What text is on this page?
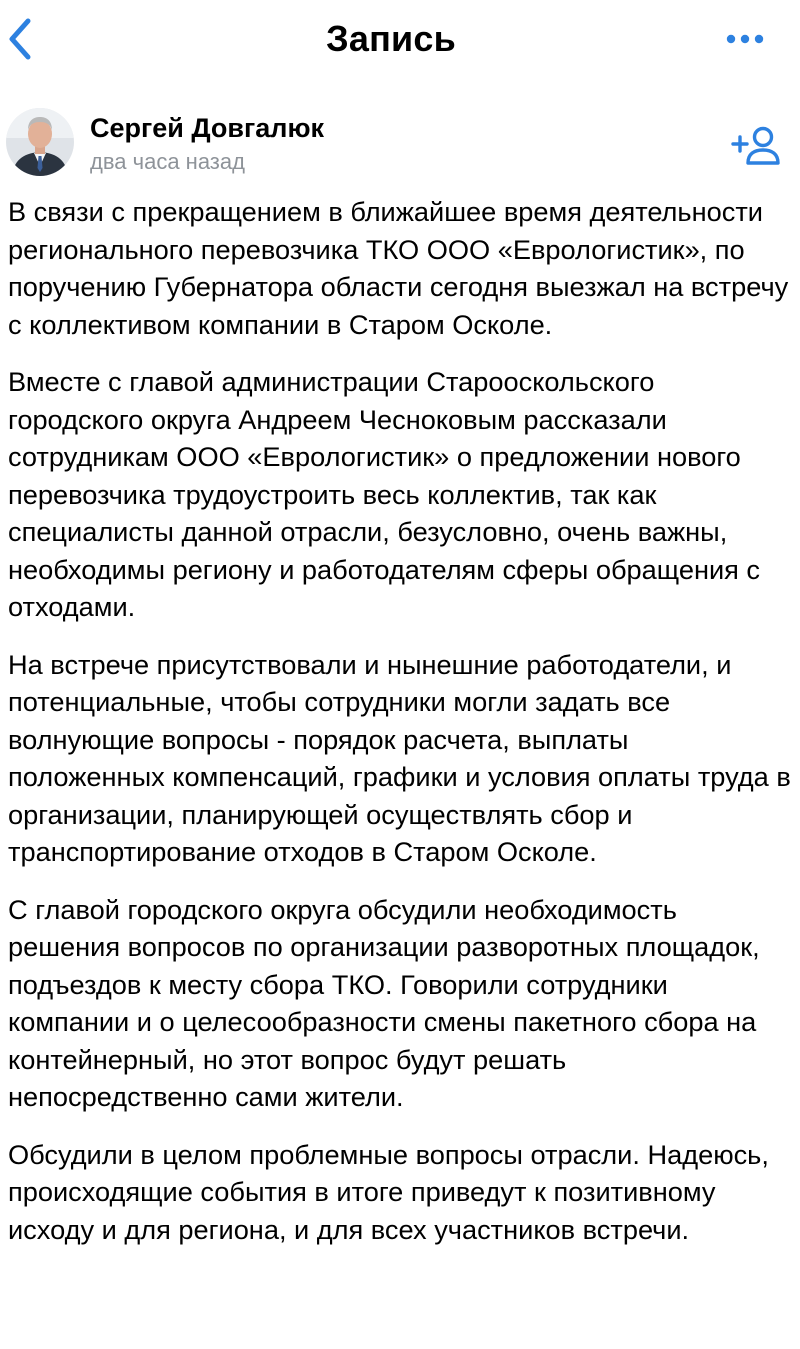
Запись
Сергей Довгалюк
два часа назад

В связи с прекращением в ближайшее время деятельности регионального перевозчика ТКО ООО «Еврологистик», по поручению Губернатора области сегодня выезжал на встречу с коллективом компании в Старом Осколе.

Вместе с главой администрации Старооскольского городского округа Андреем Чесноковым рассказали сотрудникам ООО «Еврологистик» о предложении нового перевозчика трудоустроить весь коллектив, так как специалисты данной отрасли, безусловно, очень важны, необходимы региону и работодателям сферы обращения с отходами.

На встрече присутствовали и нынешние работодатели, и потенциальные, чтобы сотрудники могли задать все волнующие вопросы - порядок расчета, выплаты положенных компенсаций, графики и условия оплаты труда в организации, планирующей осуществлять сбор и транспортирование отходов в Старом Осколе.

С главой городского округа обсудили необходимость решения вопросов по организации разворотных площадок, подъездов к месту сбора ТКО. Говорили сотрудники компании и о целесообразности смены пакетного сбора на контейнерный, но этот вопрос будут решать непосредственно сами жители.

Обсудили в целом проблемные вопросы отрасли. Надеюсь, происходящие события в итоге приведут к позитивному исходу и для региона, и для всех участников встречи.
